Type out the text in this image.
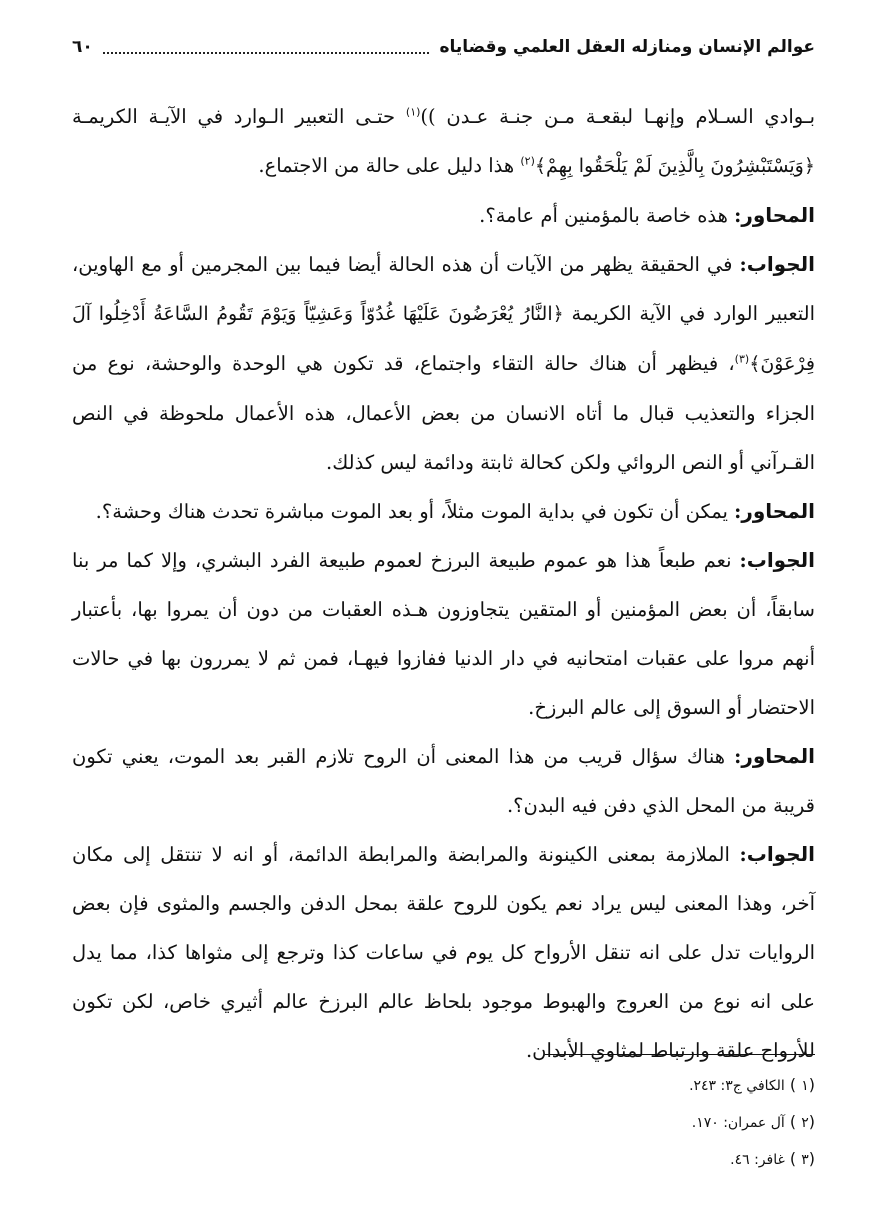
عوالم الإنسان ومنازله العقل العلمي وقضاياه
٦٠

بـوادي السـلام وإنهـا لبقعـة مـن جنـة عـدن ))$^{(١)}$ حتـى التعبير الـوارد في الآيـة الكريمـة ﴿وَيَسْتَبْشِرُونَ بِالَّذِينَ لَمْ يَلْحَقُوا بِهِمْ﴾$^{(٢)}$ هذا دليل على حالة من الاجتماع.

المحاور: هذه خاصة بالمؤمنين أم عامة؟.

الجواب: في الحقيقة يظهر من الآيات أن هذه الحالة أيضا فيما بين المجرمين أو مع الهاوين، التعبير الوارد في الآية الكريمة ﴿النَّارُ يُعْرَضُونَ عَلَيْهَا غُدُوّاً وَعَشِيّاً وَيَوْمَ تَقُومُ السَّاعَةُ أَدْخِلُوا آلَ فِرْعَوْنَ﴾$^{(٣)}$، فيظهر أن هناك حالة التقاء واجتماع، قد تكون هي الوحدة والوحشة، نوع من الجزاء والتعذيب قبال ما أتاه الانسان من بعض الأعمال، هذه الأعمال ملحوظة في النص القـرآني أو النص الروائي ولكن كحالة ثابتة ودائمة ليس كذلك.

المحاور: يمكن أن تكون في بداية الموت مثلاً، أو بعد الموت مباشرة تحدث هناك وحشة؟.

الجواب: نعم طبعاً هذا هو عموم طبيعة البرزخ لعموم طبيعة الفرد البشري، وإلا كما مر بنا سابقاً، أن بعض المؤمنين أو المتقين يتجاوزون هـذه العقبات من دون أن يمروا بها، بأعتبار أنهم مروا على عقبات امتحانيه في دار الدنيا ففازوا فيهـا، فمن ثم لا يمررون بها في حالات الاحتضار أو السوق إلى عالم البرزخ.

المحاور: هناك سؤال قريب من هذا المعنى أن الروح تلازم القبر بعد الموت، يعني تكون قريبة من المحل الذي دفن فيه البدن؟.

الجواب: الملازمة بمعنى الكينونة والمرابضة والمرابطة الدائمة، أو انه لا تنتقل إلى مكان آخر، وهذا المعنى ليس يراد نعم يكون للروح علقة بمحل الدفن والجسم والمثوى فإن بعض الروايات تدل على انه تنقل الأرواح كل يوم في ساعات كذا وترجع إلى مثواها كذا، مما يدل على انه نوع من العروج والهبوط موجود بلحاظ عالم البرزخ عالم أثيري خاص، لكن تكون للأرواح علقة وارتباط لمثاوي الأبدان.

(١ ) الكافي ج٣: ٢٤٣.
(٢ ) آل عمران: ١٧٠.
(٣ ) غافر: ٤٦.
